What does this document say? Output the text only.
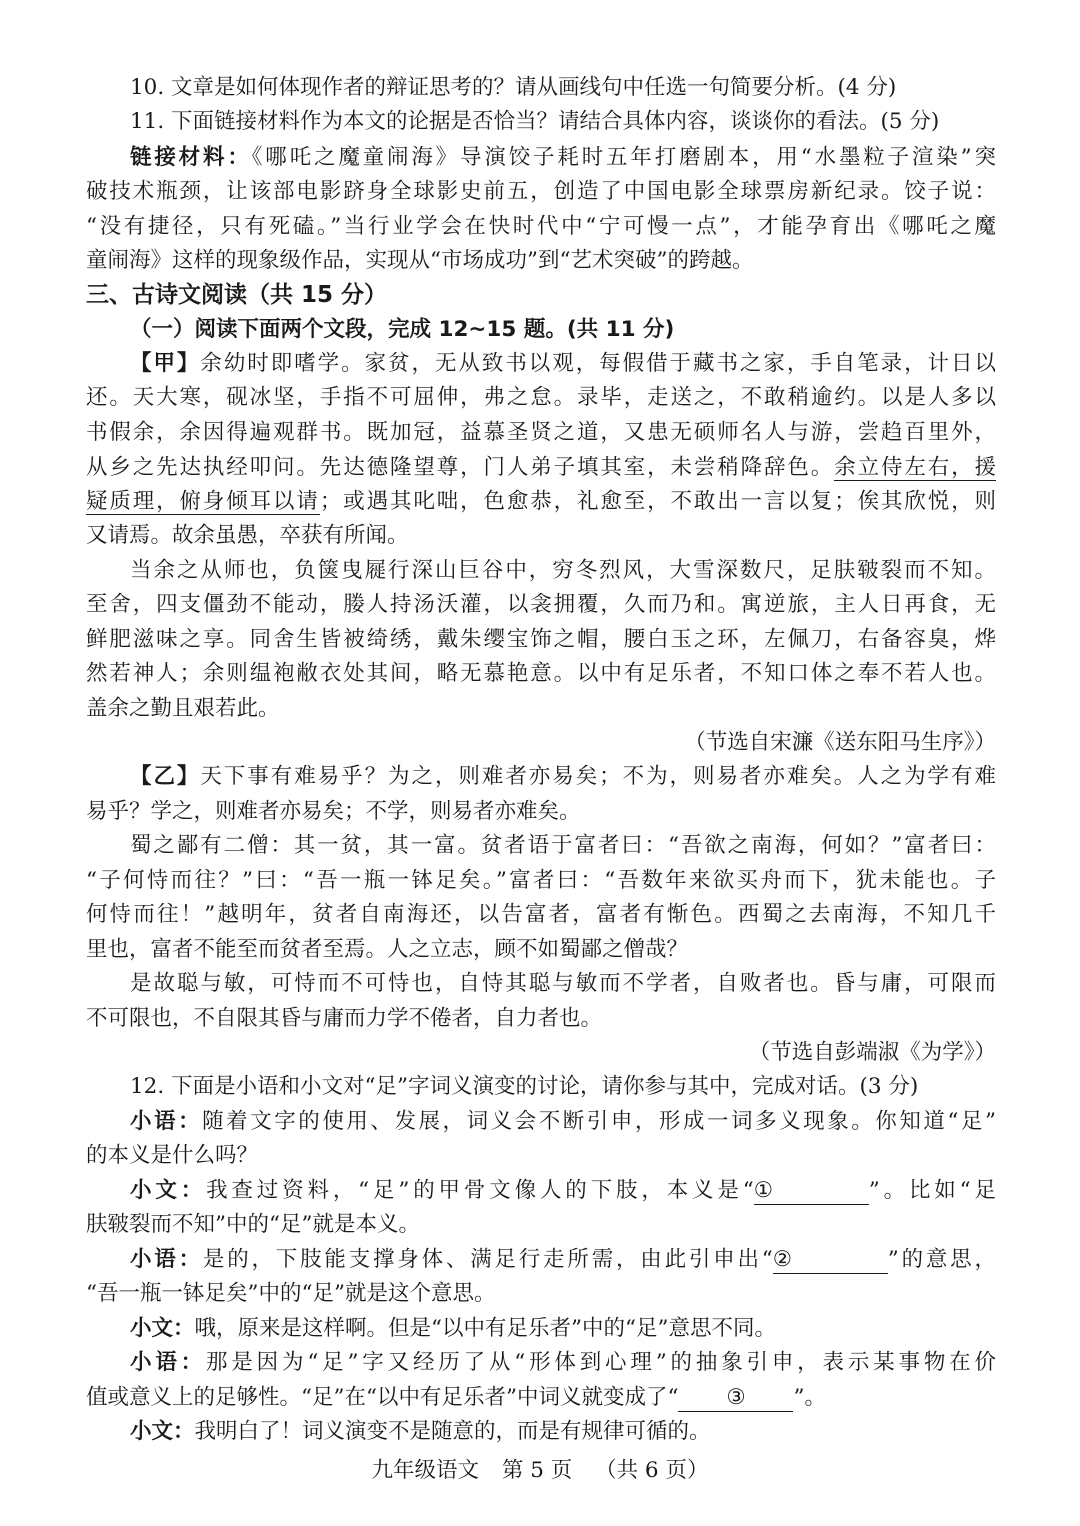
10. 文章是如何体现作者的辩证思考的？请从画线句中任选一句简要分析。(4 分)
11. 下面链接材料作为本文的论据是否恰当？请结合具体内容，谈谈你的看法。(5 分)
链接材料：《哪吒之魔童闹海》导演饺子耗时五年打磨剧本，用“水墨粒子渲染”突
破技术瓶颈，让该部电影跻身全球影史前五，创造了中国电影全球票房新纪录。饺子说：
“没有捷径，只有死磕。”当行业学会在快时代中“宁可慢一点”，才能孕育出《哪吒之魔
童闹海》这样的现象级作品，实现从“市场成功”到“艺术突破”的跨越。
三、古诗文阅读（共 15 分）
（一）阅读下面两个文段，完成 12~15 题。(共 11 分)
【甲】余幼时即嗜学。家贫，无从致书以观，每假借于藏书之家，手自笔录，计日以
还。天大寒，砚冰坚，手指不可屈伸，弗之怠。录毕，走送之，不敢稍逾约。以是人多以
书假余，余因得遍观群书。既加冠，益慕圣贤之道，又患无硕师名人与游，尝趋百里外，
从乡之先达执经叩问。先达德隆望尊，门人弟子填其室，未尝稍降辞色。余立侍左右，援
疑质理，俯身倾耳以请；或遇其叱咄，色愈恭，礼愈至，不敢出一言以复；俟其欣悦，则
又请焉。故余虽愚，卒获有所闻。
当余之从师也，负箧曳屣行深山巨谷中，穷冬烈风，大雪深数尺，足肤皲裂而不知。
至舍，四支僵劲不能动，媵人持汤沃灌，以衾拥覆，久而乃和。寓逆旅，主人日再食，无
鲜肥滋味之享。同舍生皆被绮绣，戴朱缨宝饰之帽，腰白玉之环，左佩刀，右备容臭，烨
然若神人；余则缊袍敝衣处其间，略无慕艳意。以中有足乐者，不知口体之奉不若人也。
盖余之勤且艰若此。
（节选自宋濂《送东阳马生序》）
【乙】天下事有难易乎？为之，则难者亦易矣；不为，则易者亦难矣。人之为学有难
易乎？学之，则难者亦易矣；不学，则易者亦难矣。
蜀之鄙有二僧：其一贫，其一富。贫者语于富者曰：“吾欲之南海，何如？”富者曰：
“子何恃而往？”曰：“吾一瓶一钵足矣。”富者曰：“吾数年来欲买舟而下，犹未能也。子
何恃而往！”越明年，贫者自南海还，以告富者，富者有惭色。西蜀之去南海，不知几千
里也，富者不能至而贫者至焉。人之立志，顾不如蜀鄙之僧哉？
是故聪与敏，可恃而不可恃也，自恃其聪与敏而不学者，自败者也。昏与庸，可限而
不可限也，不自限其昏与庸而力学不倦者，自力者也。
（节选自彭端淑《为学》）
12. 下面是小语和小文对“足”字词义演变的讨论，请你参与其中，完成对话。(3 分)
小语：随着文字的使用、发展，词义会不断引申，形成一词多义现象。你知道“足”
的本义是什么吗？
小文：我查过资料，“足”的甲骨文像人的下肢，本义是“①	”。比如“足
肤皲裂而不知”中的“足”就是本义。
小语：是的，下肢能支撑身体、满足行走所需，由此引申出“②	”的意思，
“吾一瓶一钵足矣”中的“足”就是这个意思。
小文：哦，原来是这样啊。但是“以中有足乐者”中的“足”意思不同。
小语：那是因为“足”字又经历了从“形体到心理”的抽象引申，表示某事物在价
值或意义上的足够性。“足”在“以中有足乐者”中词义就变成了“ ③ ”。
小文：我明白了！词义演变不是随意的，而是有规律可循的。
九年级语文 第 5 页 （共 6 页）
